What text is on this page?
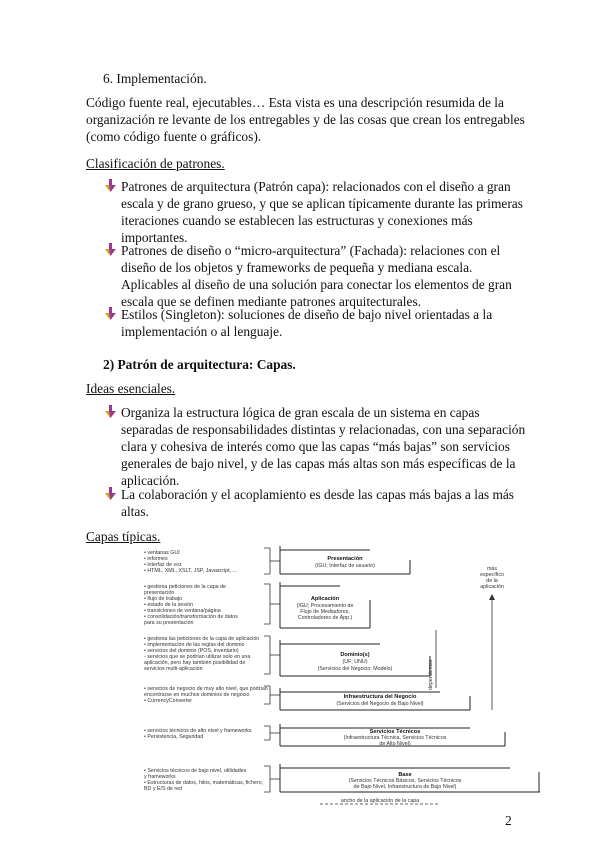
6. Implementación.

Código fuente real, ejecutables… Esta vista es una descripción resumida de la

organización re levante de los entregables y de las cosas que crean los entregables

(como código fuente o gráficos).

Clasificación de patrones.

Patrones de arquitectura (Patrón capa): relacionados con el diseño a gran

escala y de grano grueso, y que se aplican típicamente durante las primeras

iteraciones cuando se establecen las estructuras y conexiones más

importantes.

Patrones de diseño o “micro-arquitectura” (Fachada): relaciones con el

diseño de los objetos y frameworks de pequeña y mediana escala.

Aplicables al diseño de una solución para conectar los elementos de gran

escala que se definen mediante patrones arquitecturales.

Estilos (Singleton): soluciones de diseño de bajo nivel orientadas a la

implementación o al lenguaje.

2) Patrón de arquitectura: Capas.

Ideas esenciales.

Organiza la estructura lógica de gran escala de un sistema en capas

separadas de responsabilidades distintas y relacionadas, con una separación

clara y cohesiva de interés como que las capas “más bajas” son servicios

generales de bajo nivel, y de las capas más altas son más específicas de la

aplicación.

La colaboración y el acoplamiento es desde las capas más bajas a las más

altas.

Capas típicas.

• ventanas GUI
• informes
• interfaz de voz
• HTML, XML, XSLT, JSP, Javascript, ...
Presentación
(IGU; Interfaz de usuario)
• gestiona peticiones de la capa de
presentación
• flujo de trabajo
• estado de la sesión
• transiciones de ventana/página
• consolidación/transformación de datos
para su presentación
Aplicación
(IGU; Procesamiento de
Flujo de Mediadores,
Controladores de App.)
• gestiona las peticiones de la capa de aplicación
• implementación de las reglas del dominio
• servicios del dominio (POS, inventario)
- servicios que se podrían utilizar solo en una
aplicación, pero hay también posibilidad de
servicios multi-aplicación
Dominio(s)
(UF; UNU)
(Servicios del Negocio; Modelo)
• servicios de negocio de muy alto nivel, que podrían
encontrarse en muchos dominios de negocio
• CurrencyConverter
Infraestructura del Negocio
(Servicios del Negocio de Bajo Nivel)
• servicios técnicos de alto nivel y frameworks
• Persistencia, Seguridad
Servicios Técnicos
(Infraestructura Técnica, Servicios Técnicos
de Alto Nivel)
• Servicios técnicos de bajo nivel, utilidades
y frameworks
• Estructuras de datos, hilos, matemáticas, fichero,
BD y E/S de red
Base
(Servicios Técnicos Básicos, Servicios Técnicos
de Bajo Nivel, Infraestructura de Bajo Nivel)
ancho de la aplicación de la capa
más
específico
de la
aplicación
dependencia

2
